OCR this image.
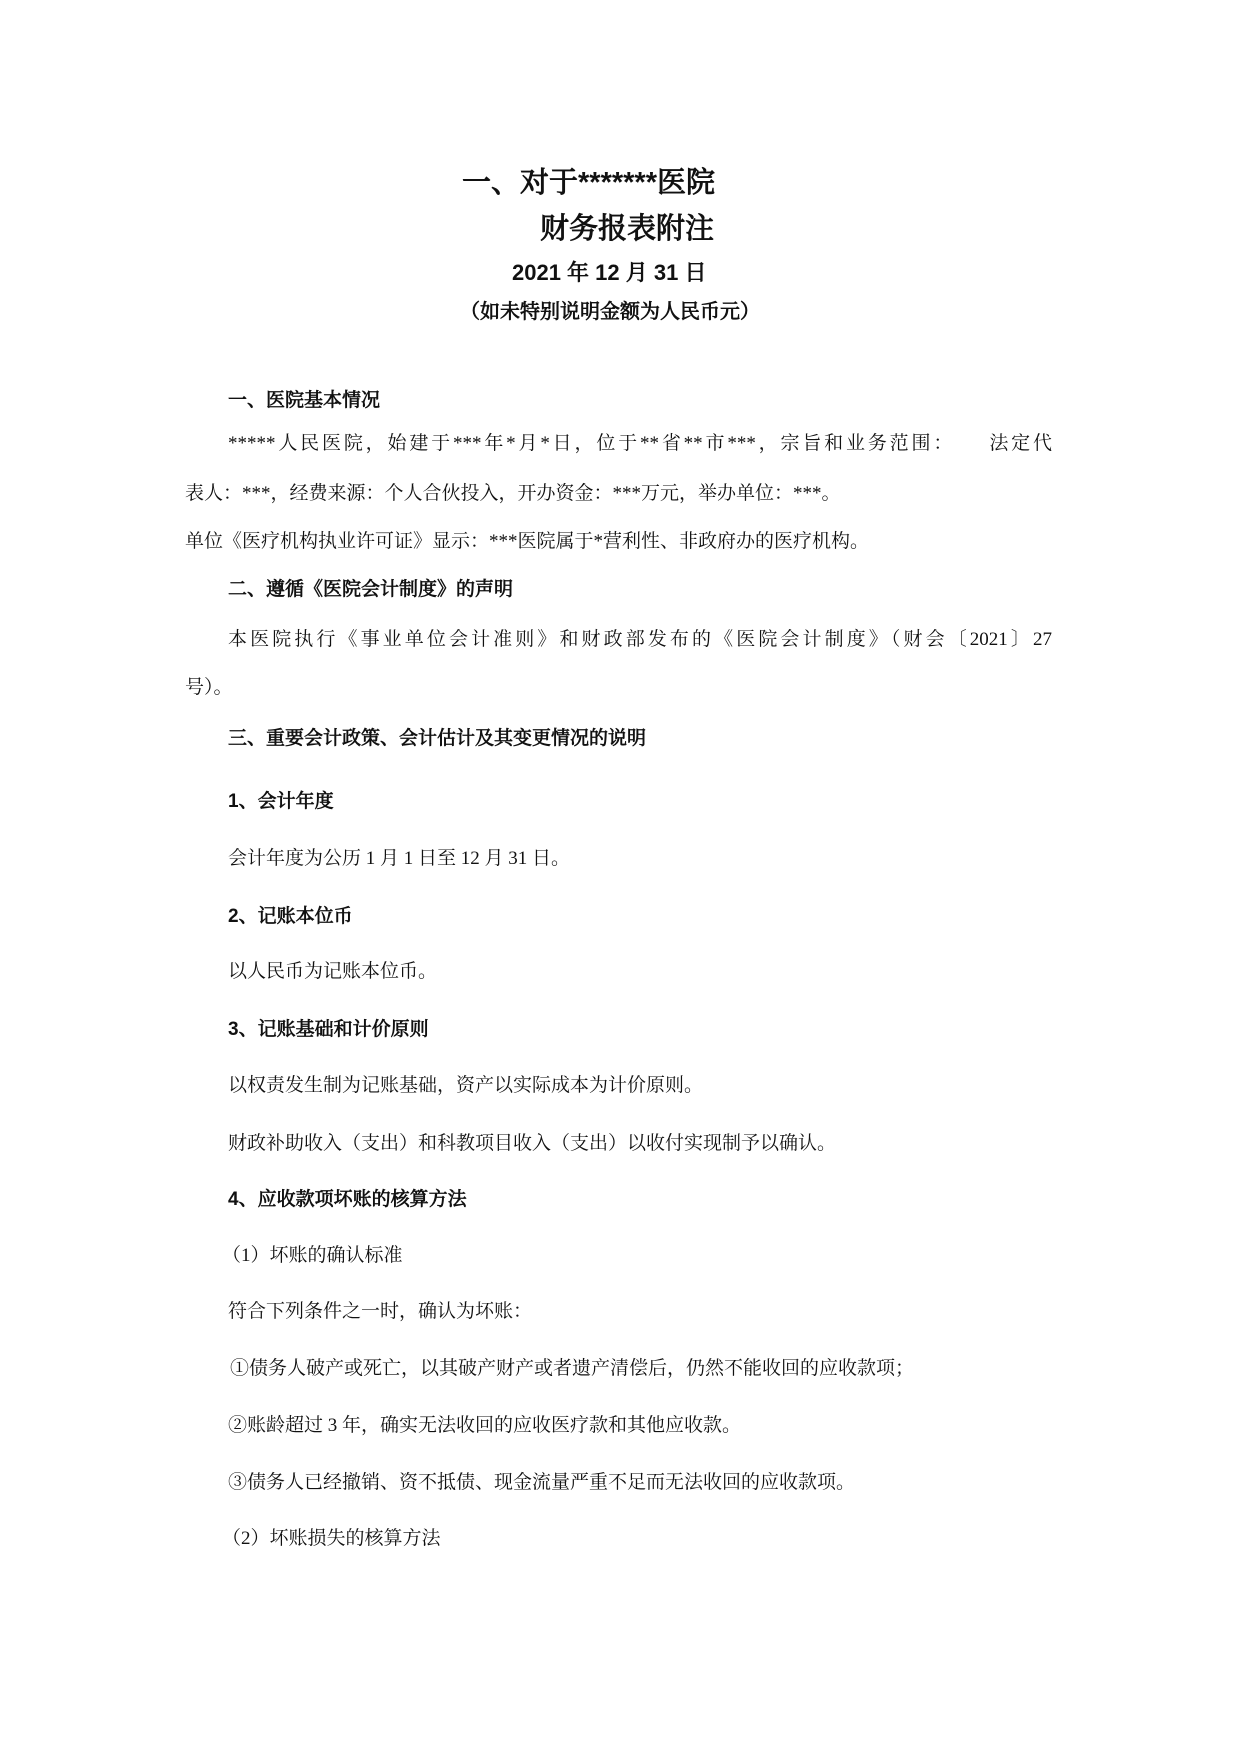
一、对于*******医院
财务报表附注
2021 年 12 月 31 日
（如未特别说明金额为人民币元）
一、医院基本情况
*****人民医院，始建于***年*月*日，位于**省**市***，宗旨和业务范围：　　法定代
表人：***，经费来源：个人合伙投入，开办资金：***万元，举办单位：***。
单位《医疗机构执业许可证》显示：***医院属于*营利性、非政府办的医疗机构。
二、遵循《医院会计制度》的声明
本医院执行《事业单位会计准则》和财政部发布的《医院会计制度》（财会〔2021〕27
号）。
三、重要会计政策、会计估计及其变更情况的说明
1、会计年度
会计年度为公历 1 月 1 日至 12 月 31 日。
2、记账本位币
以人民币为记账本位币。
3、记账基础和计价原则
以权责发生制为记账基础，资产以实际成本为计价原则。
财政补助收入（支出）和科教项目收入（支出）以收付实现制予以确认。
4、应收款项坏账的核算方法
（1）坏账的确认标准
符合下列条件之一时，确认为坏账：
①债务人破产或死亡，以其破产财产或者遗产清偿后，仍然不能收回的应收款项；
②账龄超过 3 年，确实无法收回的应收医疗款和其他应收款。
③债务人已经撤销、资不抵债、现金流量严重不足而无法收回的应收款项。
（2）坏账损失的核算方法
